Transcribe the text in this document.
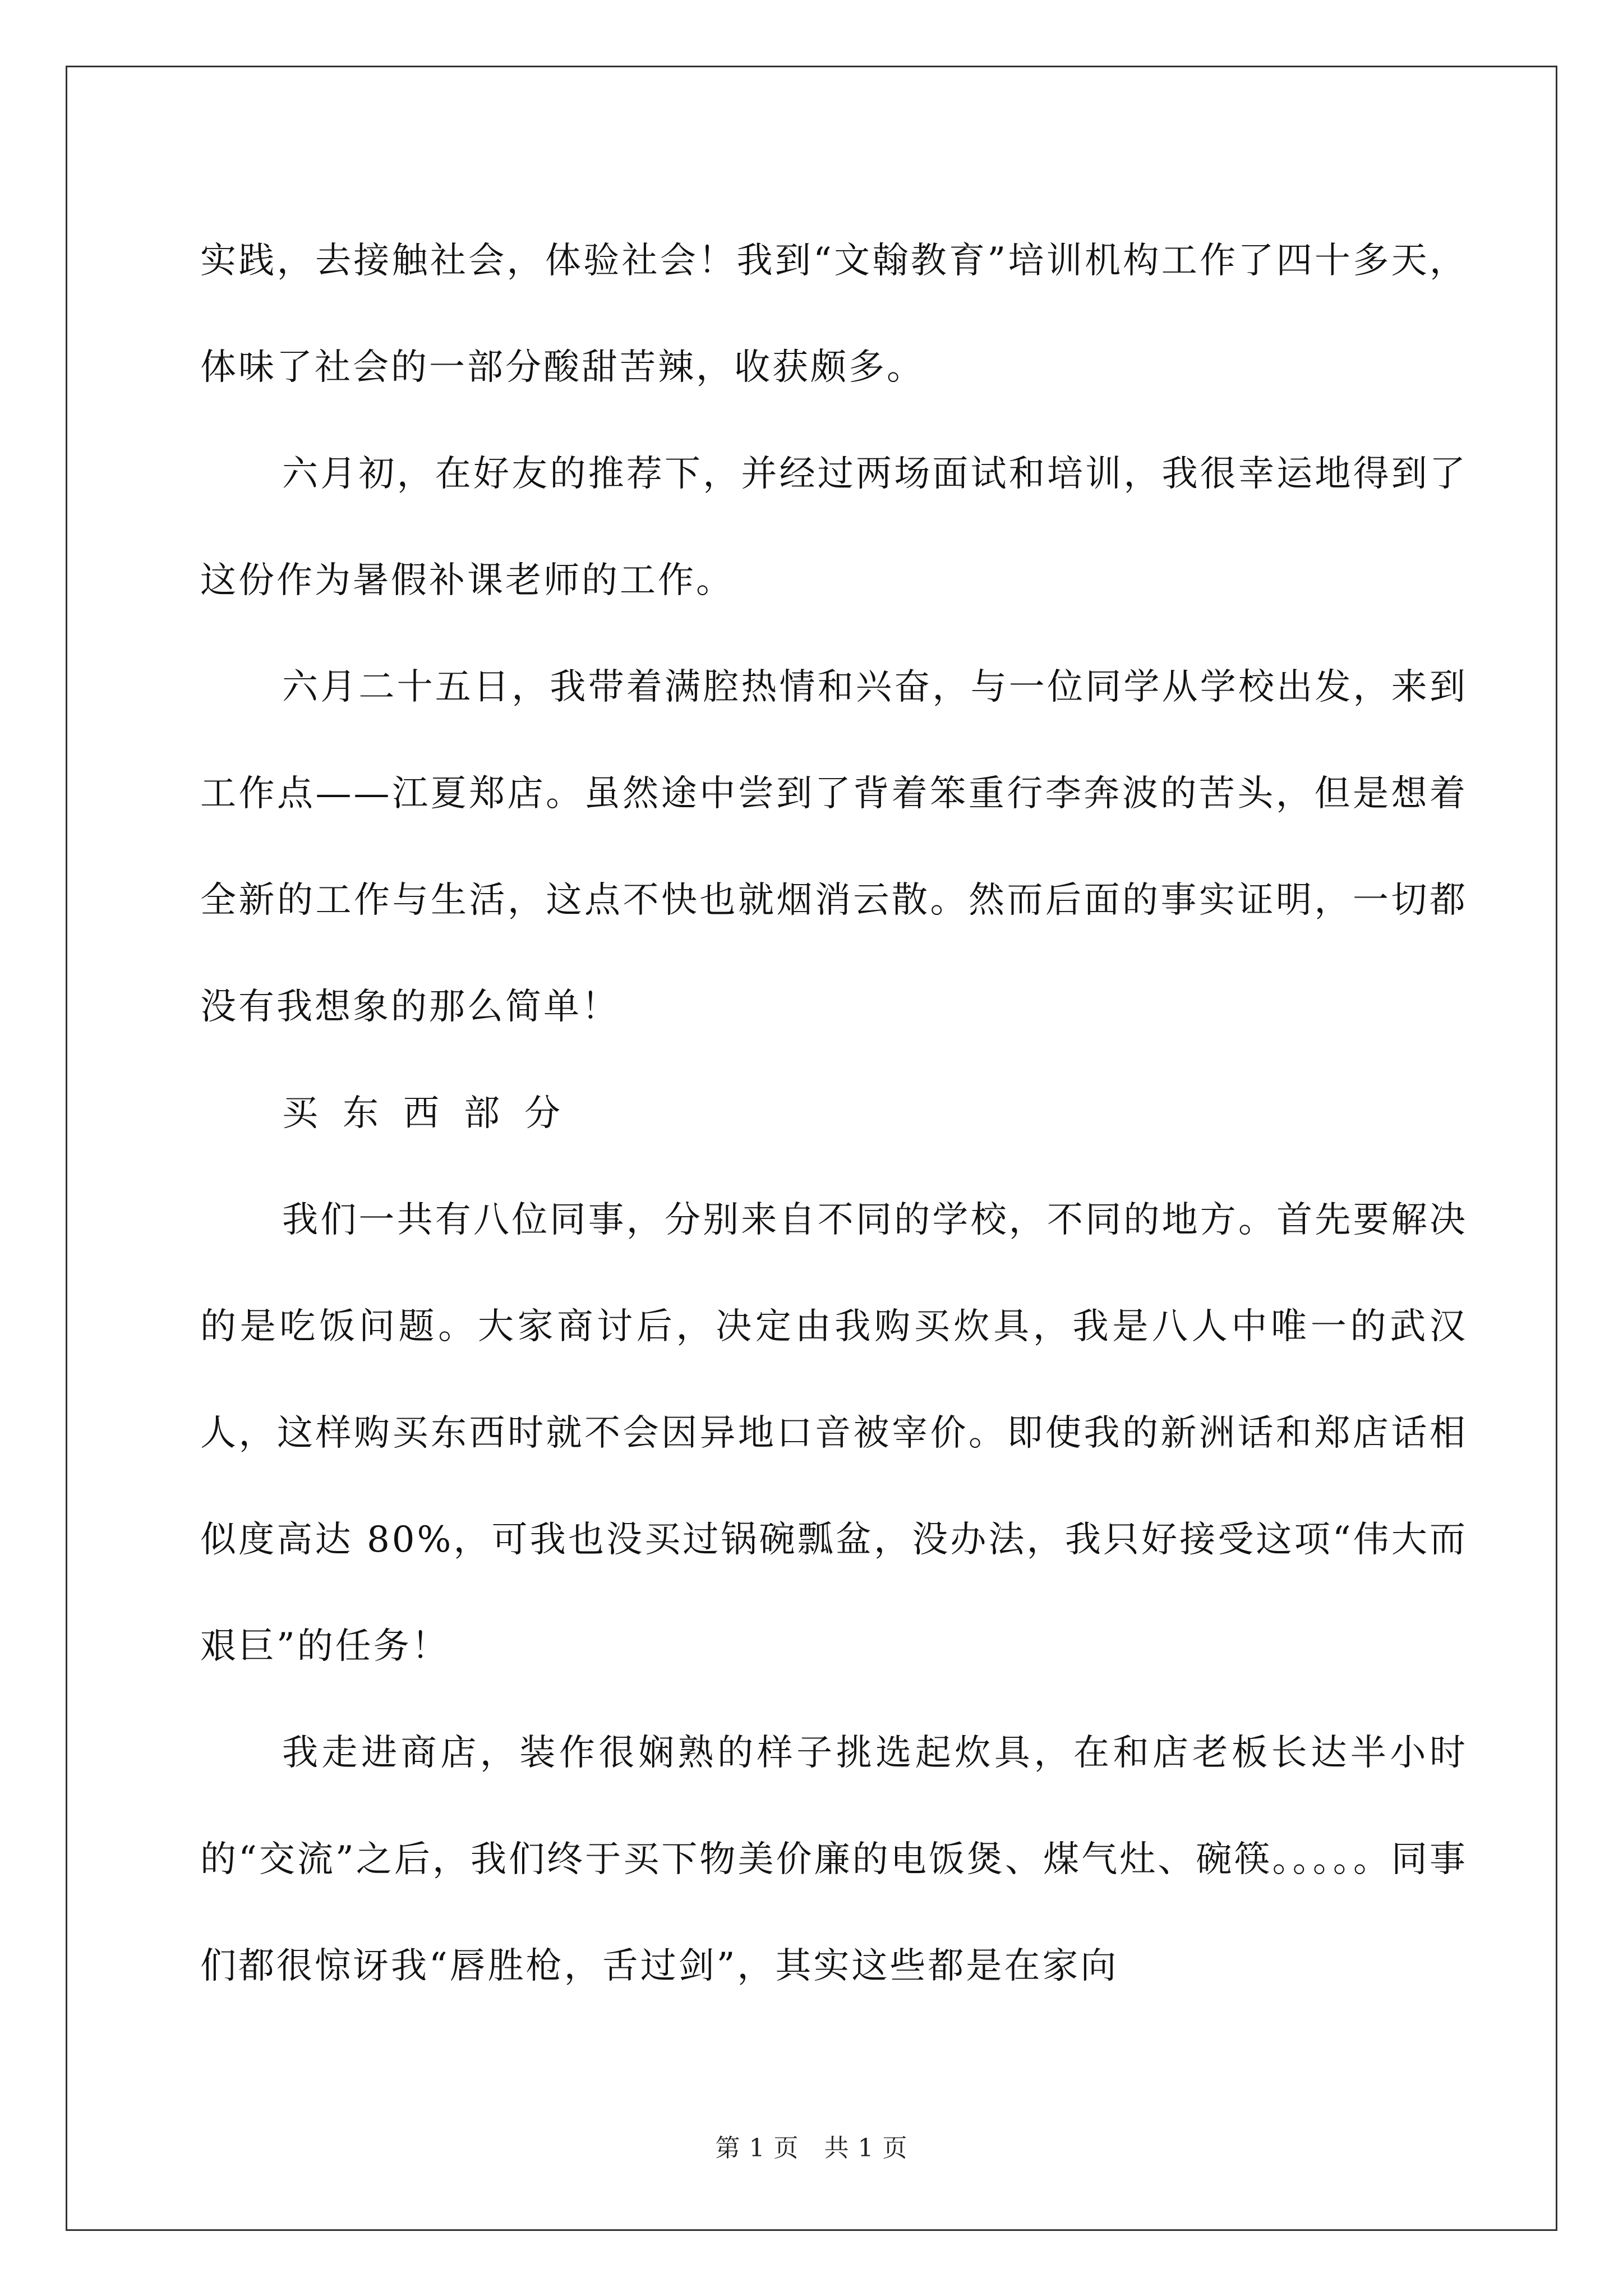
实践，去接触社会，体验社会！我到“文翰教育”培训机构工作了四十多天，体味了社会的一部分酸甜苦辣，收获颇多。

六月初，在好友的推荐下，并经过两场面试和培训，我很幸运地得到了这份作为暑假补课老师的工作。

六月二十五日，我带着满腔热情和兴奋，与一位同学从学校出发，来到工作点——江夏郑店。虽然途中尝到了背着笨重行李奔波的苦头，但是想着全新的工作与生活，这点不快也就烟消云散。然而后面的事实证明，一切都没有我想象的那么简单！

买东西部分

我们一共有八位同事，分别来自不同的学校，不同的地方。首先要解决的是吃饭问题。大家商讨后，决定由我购买炊具，我是八人中唯一的武汉人，这样购买东西时就不会因异地口音被宰价。即使我的新洲话和郑店话相似度高达 80%，可我也没买过锅碗瓢盆，没办法，我只好接受这项“伟大而艰巨”的任务！

我走进商店，装作很娴熟的样子挑选起炊具，在和店老板长达半小时的“交流”之后，我们终于买下物美价廉的电饭煲、煤气灶、碗筷。。。。。同事们都很惊讶我“唇胜枪，舌过剑”，其实这些都是在家向

第 1 页　共 1 页
